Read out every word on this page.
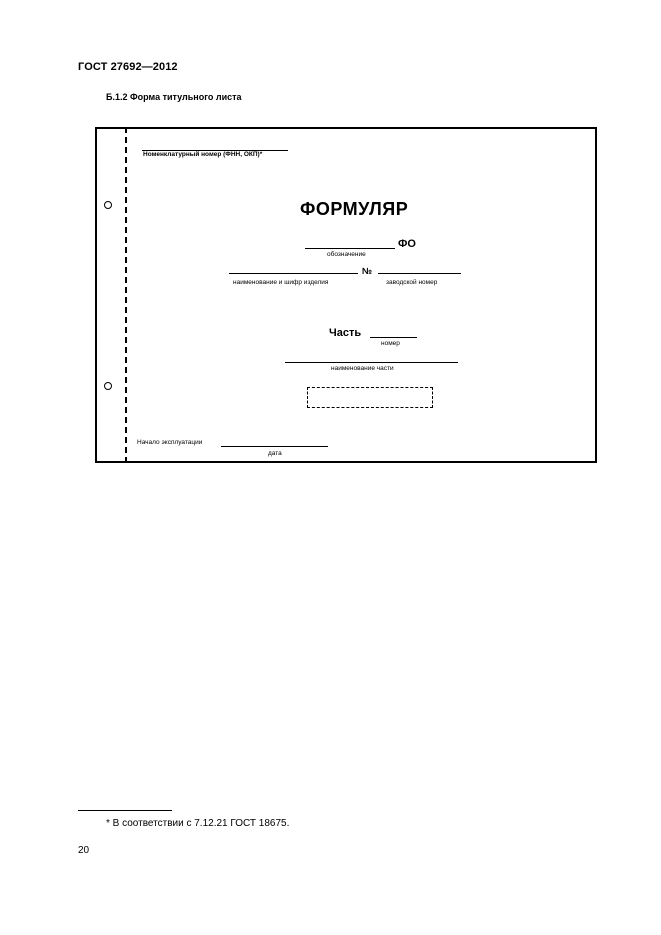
ГОСТ 27692—2012
Б.1.2 Форма титульного листа
Номенклатурный номер (ФНН, ОКП)*
ФОРМУЛЯР
ФО
обозначение
№
наименование и шифр изделия	заводской номер
Часть
номер
наименование части
Начало эксплуатации
дата
* В соответствии с 7.12.21 ГОСТ 18675.
20
